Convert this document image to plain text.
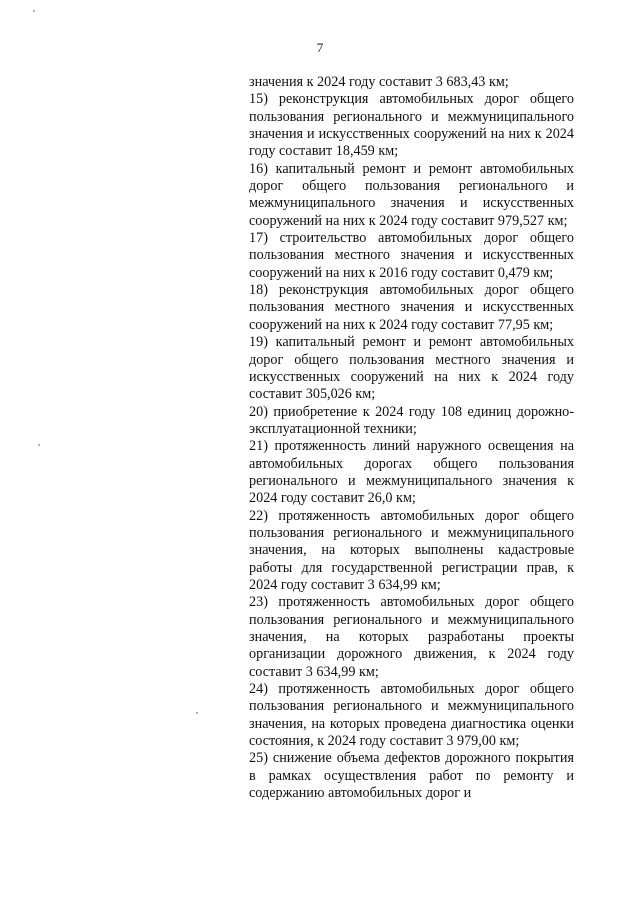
7

значения к 2024 году составит 3 683,43 км;

15) реконструкция автомобильных дорог общего пользования регионального и межмуниципального значения и искусственных сооружений на них к 2024 году составит 18,459 км;

16) капитальный ремонт и ремонт автомобильных дорог общего пользования регионального и межмуниципального значения и искусственных сооружений на них к 2024 году составит 979,527 км;

17) строительство автомобильных дорог общего пользования местного значения и искусственных сооружений на них к 2016 году составит 0,479 км;

18) реконструкция автомобильных дорог общего пользования местного значения и искусственных сооружений на них к 2024 году составит 77,95 км;

19) капитальный ремонт и ремонт автомобильных дорог общего пользования местного значения и искусственных сооружений на них к 2024 году составит 305,026 км;

20) приобретение к 2024 году 108 единиц дорожно-эксплуатационной техники;

21) протяженность линий наружного освещения на автомобильных дорогах общего пользования регионального и межмуниципального значения к 2024 году составит 26,0 км;

22) протяженность автомобильных дорог общего пользования регионального и межмуниципального значения, на которых выполнены кадастровые работы для государственной регистрации прав, к 2024 году составит 3 634,99 км;

23) протяженность автомобильных дорог общего пользования регионального и межмуниципального значения, на которых разработаны проекты организации дорожного движения, к 2024 году составит 3 634,99 км;

24) протяженность автомобильных дорог общего пользования регионального и межмуниципального значения, на которых проведена диагностика оценки состояния, к 2024 году составит 3 979,00 км;

25) снижение объема дефектов дорожного покрытия в рамках осуществления работ по ремонту и содержанию автомобильных дорог и
